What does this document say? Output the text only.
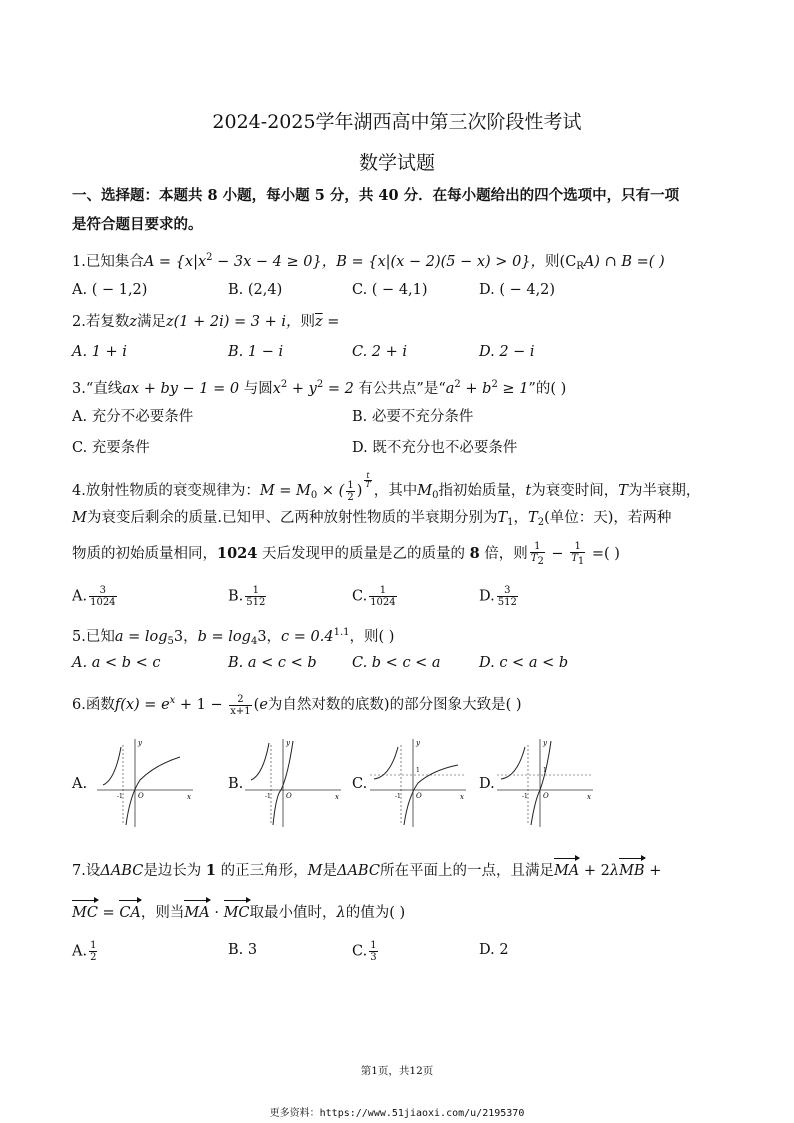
2024-2025学年湖西高中第三次阶段性考试
数学试题
一、选择题：本题共 8 小题，每小题 5 分，共 40 分．在每小题给出的四个选项中，只有一项
是符合题目要求的。
1.已知集合$A = \{x|x^2 - 3x - 4 \ge 0\}$，B = {x|(x − 2)(5 − x) > 0}，则$(C_RA)$ ∩ B =( )
A. ( − 1,2)	B. (2,4)	C. ( − 4,1)	D. ( − 4,2)
2.若复数z满足z(1 + 2i) = 3 + i，则$\overline{z}$ =
A. 1 + i	B. 1 − i	C. 2 + i	D. 2 − i
3.“直线ax + by − 1 = 0 与圆$x^2 + y^2 = 2$ 有公共点”是“$a^2 + b^2 \ge 1$”的( )
A. 充分不必要条件	B. 必要不充分条件
C. 充要条件	D. 既不充分也不必要条件
4.放射性物质的衰变规律为：$M = M_0$ × ( $\frac{1}{2}$ )
$\frac{t}{T}$
，其中$M_0$指初始质量，t为衰变时间，T为半衰期，
M为衰变后剩余的质量.已知甲、乙两种放射性物质的半衰期分别为$T_1$，$T_2$(单位：天)，若两种
物质的初始质量相同，1024 天后发现甲的质量是乙的质量的 8 倍，则 $\frac{1}{T2} - \frac{1}{T1}$ =( )
A. $\frac{3}{1024}$	B. $\frac{1}{512}$	C. $\frac{1}{1024}$	D. $\frac{3}{512}$
5.已知$a = \log_53$，$b = \log_43$，$c = 0.4^{1.1}$，则( )
A. a < b < c	B. a < c < b C. b < c < a	D. c < a < b
6.函数$f(x) = e^x + 1 - \frac{2}{x+1} (e$为自然对数的底数)的部分图象大致是( )
A.
y
x
O
-1
B.
y
x
O
-1
C.
y
x
O
-1
1
D.
y
x
O
-1
1
7.设ΔABC是边长为 1 的正三角形，M是ΔABC所在平面上的一点，且满足MA + 2λMB +
MC = CA，则当MA · MC取最小值时，λ的值为( )
A. $\frac{1}{2}$	B. 3	C. $\frac{1}{3}$	D. 2
第1页，共12页
更多资料：https://www.51jiaoxi.com/u/2195370
